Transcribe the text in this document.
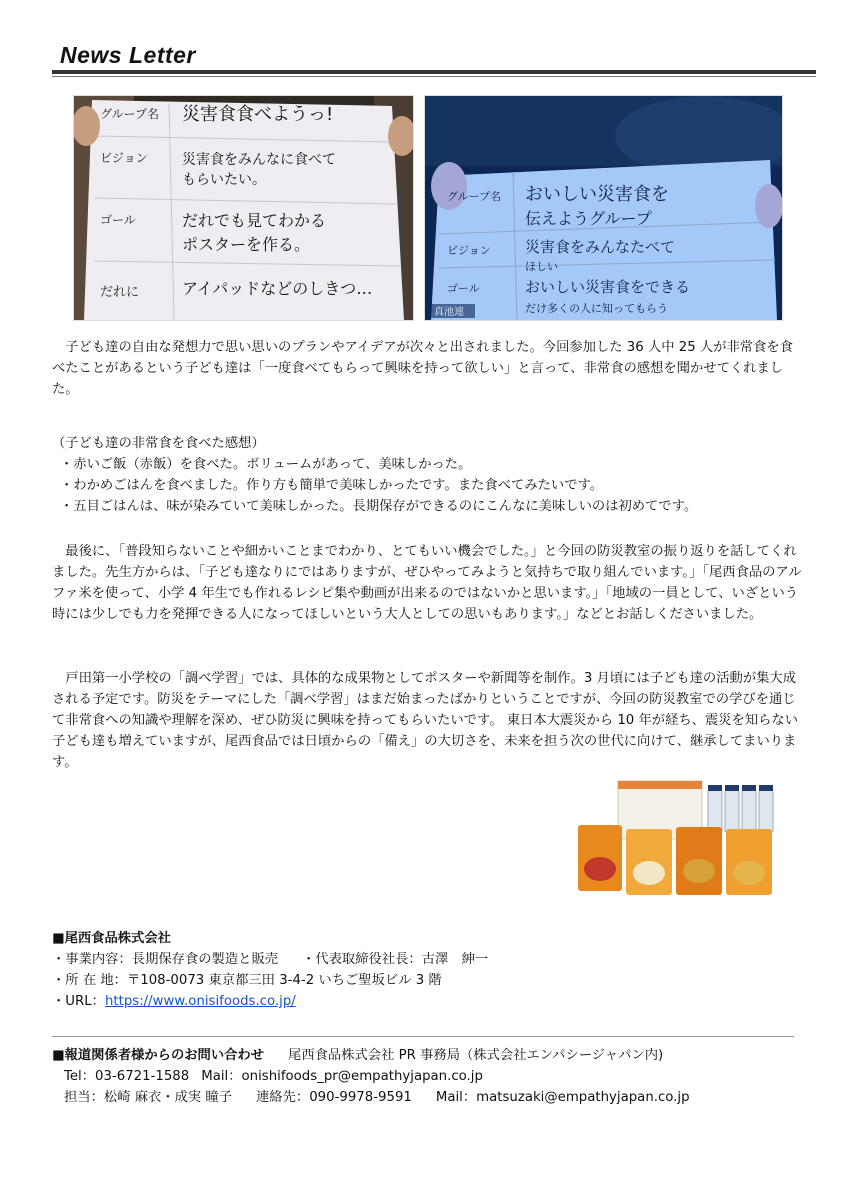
News Letter
グループ名 災害食食べようっ!
ビジョン 災害食をみんなに食べて
もらいたい。
ゴール	だれでも見てわかる
ポスターを作る。
だれに	アイパッドなどのしきつ…
グループ名 おいしい災害食を
伝えようグループ
ビジョン 災害食をみんなたべて
ほしい
ゴール	おいしい災害食をできる
だけ多くの人に知ってもらう
真池連

子ども達の自由な発想力で思い思いのプランやアイデアが次々と出されました。今回参加した 36 人中 25 人が非常食を食べたことがあるという子ども達は「一度食べてもらって興味を持って欲しい」と言って、非常食の感想を聞かせてくれました。

（子ども達の非常食を食べた感想）

・赤いご飯（赤飯）を食べた。ボリュームがあって、美味しかった。

・わかめごはんを食べました。作り方も簡単で美味しかったです。また食べてみたいです。

・五目ごはんは、味が染みていて美味しかった。長期保存ができるのにこんなに美味しいのは初めてです。

最後に、「普段知らないことや細かいことまでわかり、とてもいい機会でした。」と今回の防災教室の振り返りを話してくれました。先生方からは、「子ども達なりにではありますが、ぜひやってみようと気持ちで取り組んでいます。」「尾西食品のアルファ米を使って、小学 4 年生でも作れるレシピ集や動画が出来るのではないかと思います。」「地域の一員として、いざという時には少しでも力を発揮できる人になってほしいという大人としての思いもあります。」などとお話しくださいました。

戸田第一小学校の「調べ学習」では、具体的な成果物としてポスターや新聞等を制作。3 月頃には子ども達の活動が集大成される予定です。防災をテーマにした「調べ学習」はまだ始まったばかりということですが、今回の防災教室での学びを通じて非常食への知識や理解を深め、ぜひ防災に興味を持ってもらいたいです。 東日本大震災から 10 年が経ち、震災を知らない子ども達も増えていますが、尾西食品では日頃からの「備え」の大切さを、未来を担う次の世代に向けて、継承してまいります。

■尾西食品株式会社
・事業内容：長期保存食の製造と販売 ・代表取締役社長：古澤　紳一
・所 在 地：〒108-0073 東京都三田 3-4-2 いちご聖坂ビル 3 階
・URL：https://www.onisifoods.co.jp/
■報道関係者様からのお問い合わせ 尾西食品株式会社 PR 事務局（株式会社エンパシージャパン内)
Tel：03-6721-1588 Mail：onishifoods_pr@empathyjapan.co.jp
担当：松崎 麻衣・成実 瞳子 連絡先：090-9978-9591 Mail：matsuzaki@empathyjapan.co.jp
